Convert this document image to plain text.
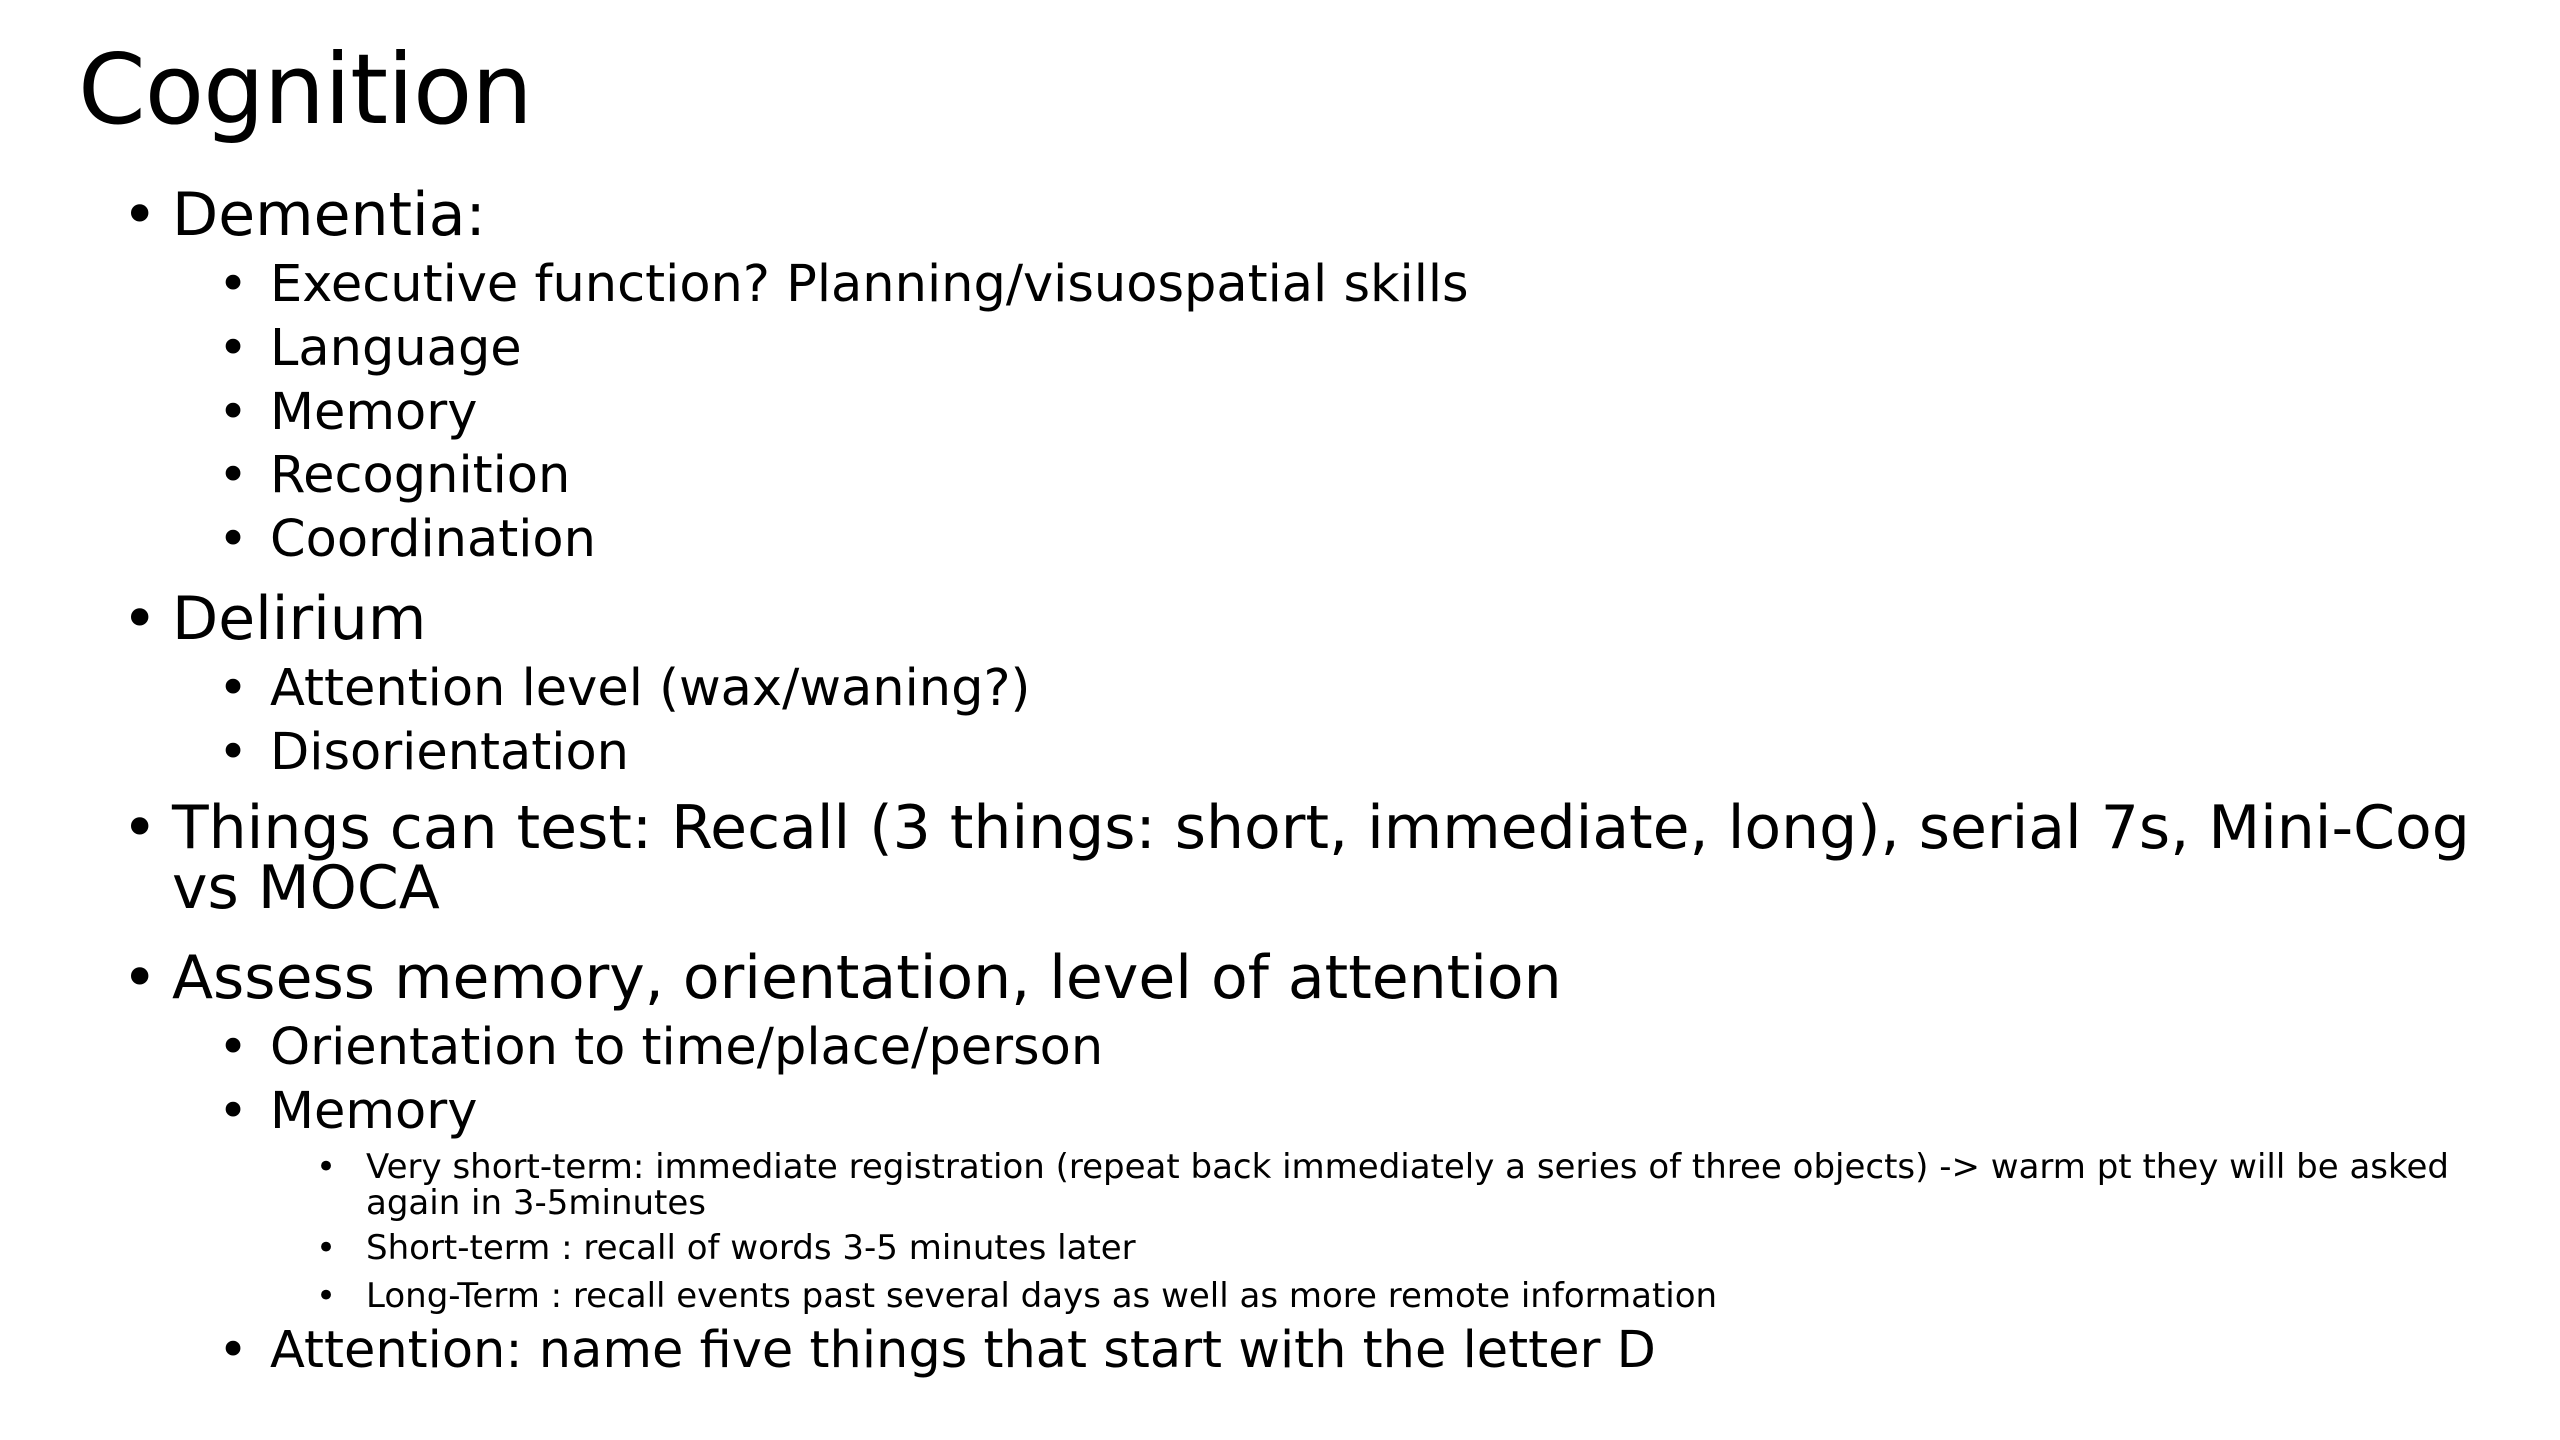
Cognition
• Dementia:
• Executive function? Planning/visuospatial skills
• Language
• Memory
• Recognition
• Coordination
• Delirium
• Attention level (wax/waning?)
• Disorientation
• Things can test: Recall (3 things: short, immediate, long), serial 7s, Mini-Cog vs MOCA
• Assess memory, orientation, level of attention
• Orientation to time/place/person
• Memory
• Very short-term: immediate registration (repeat back immediately a series of three objects) -> warm pt they will be asked again in 3-5minutes
• Short-term : recall of words 3-5 minutes later
• Long-Term : recall events past several days as well as more remote information
• Attention: name five things that start with the letter D
